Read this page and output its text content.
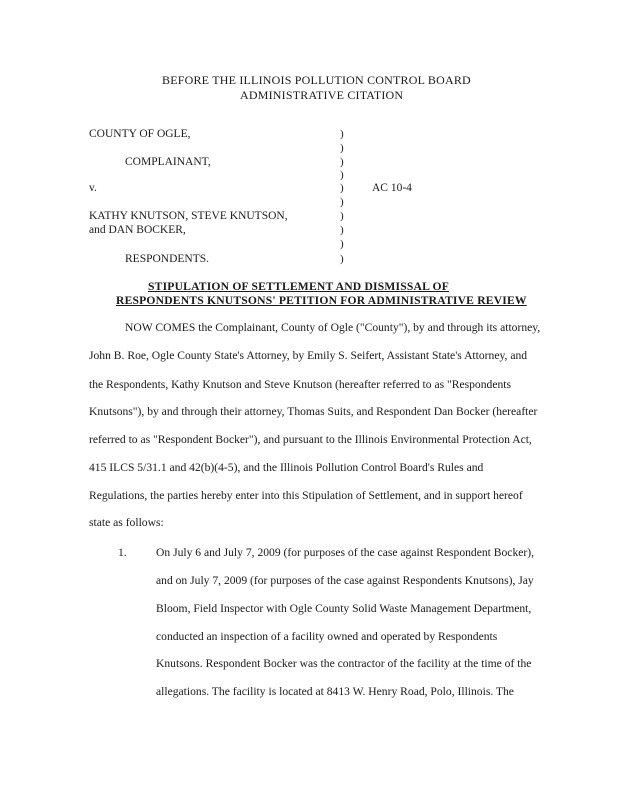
BEFORE THE ILLINOIS POLLUTION CONTROL BOARD
ADMINISTRATIVE CITATION
COUNTY OF OGLE,
COMPLAINANT,
v.
KATHY KNUTSON, STEVE KNUTSON,
and DAN BOCKER,
RESPONDENTS.
)
)
)
)
)
)
)
)
)
)
AC 10-4
STIPULATION OF SETTLEMENT AND DISMISSAL OF
RESPONDENTS KNUTSONS' PETITION FOR ADMINISTRATIVE REVIEW
NOW COMES the Complainant, County of Ogle ("County"), by and through its attorney,
John B. Roe, Ogle County State's Attorney, by Emily S. Seifert, Assistant State's Attorney, and
the Respondents, Kathy Knutson and Steve Knutson (hereafter referred to as "Respondents
Knutsons"), by and through their attorney, Thomas Suits, and Respondent Dan Bocker (hereafter
referred to as "Respondent Bocker"), and pursuant to the Illinois Environmental Protection Act,
415 ILCS 5/31.1 and 42(b)(4-5), and the Illinois Pollution Control Board's Rules and
Regulations, the parties hereby enter into this Stipulation of Settlement, and in support hereof
state as follows:
1.	On July 6 and July 7, 2009 (for purposes of the case against Respondent Bocker),
and on July 7, 2009 (for purposes of the case against Respondents Knutsons), Jay
Bloom, Field Inspector with Ogle County Solid Waste Management Department,
conducted an inspection of a facility owned and operated by Respondents
Knutsons. Respondent Bocker was the contractor of the facility at the time of the
allegations. The facility is located at 8413 W. Henry Road, Polo, Illinois. The
